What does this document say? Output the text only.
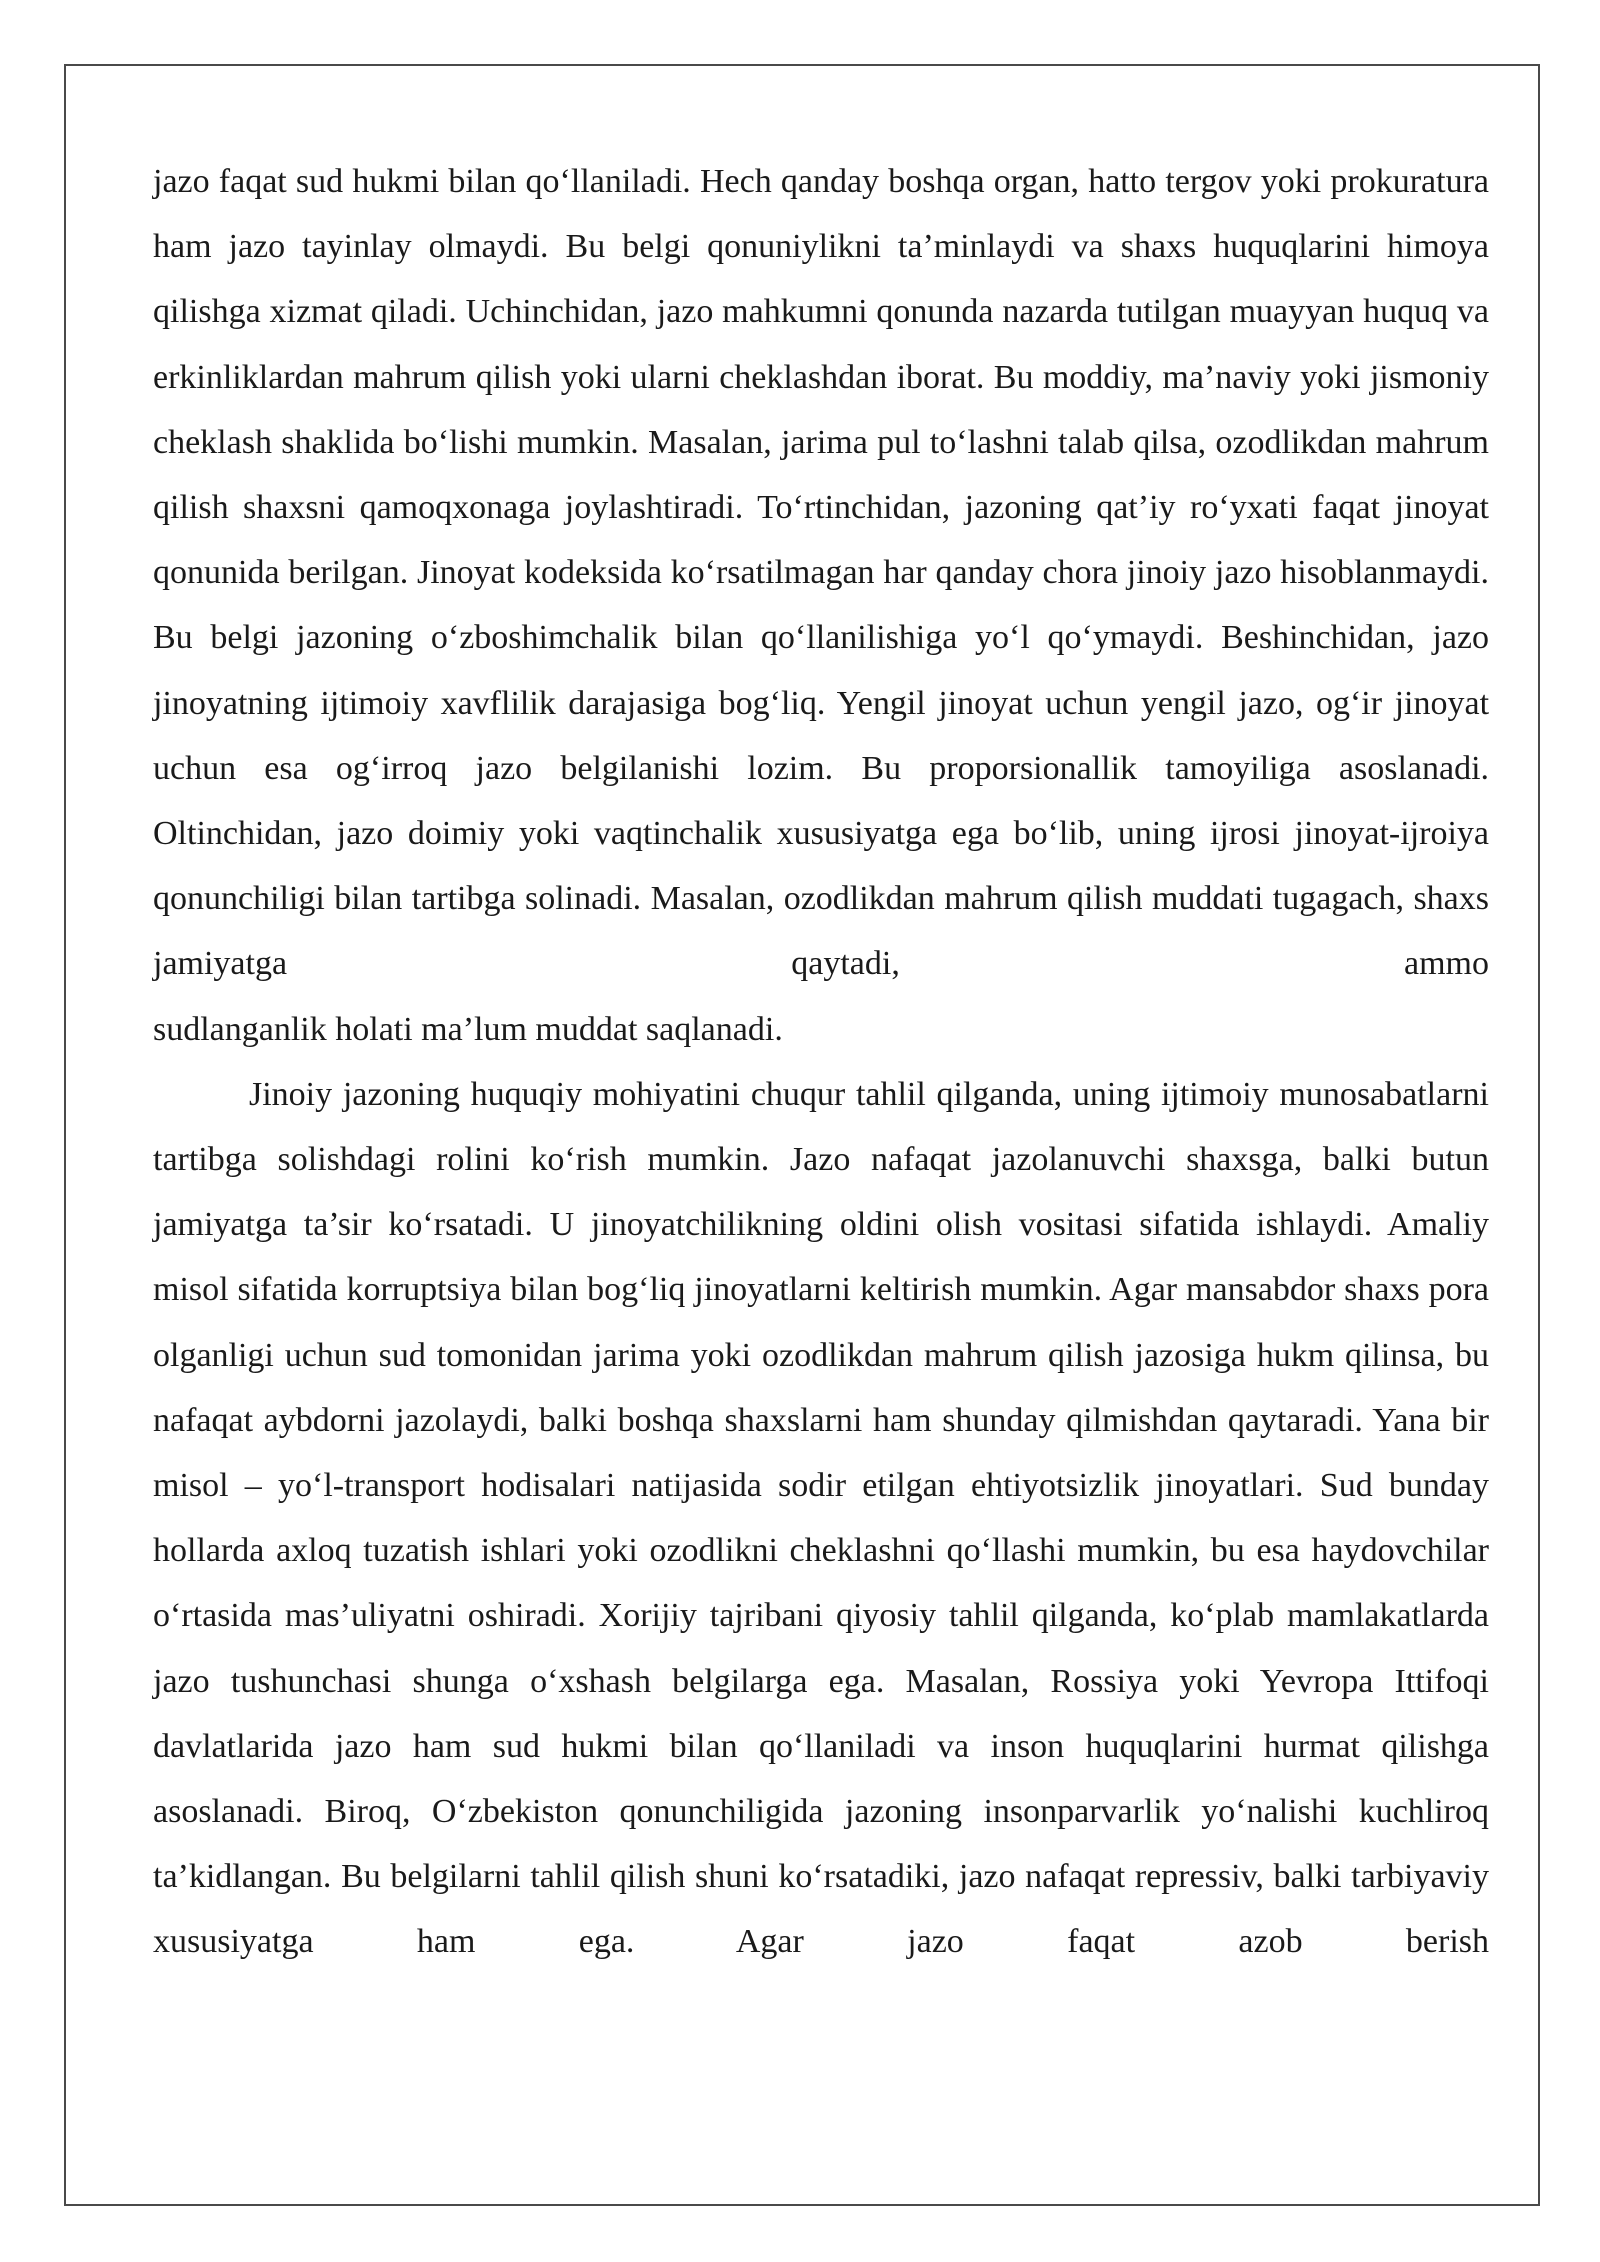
jazo faqat sud hukmi bilan qo‘llaniladi. Hech qanday boshqa organ, hatto tergov yoki prokuratura ham jazo tayinlay olmaydi. Bu belgi qonuniylikni ta’minlaydi va shaxs huquqlarini himoya qilishga xizmat qiladi. Uchinchidan, jazo mahkumni qonunda nazarda tutilgan muayyan huquq va erkinliklardan mahrum qilish yoki ularni cheklashdan iborat. Bu moddiy, ma’naviy yoki jismoniy cheklash shaklida bo‘lishi mumkin. Masalan, jarima pul to‘lashni talab qilsa, ozodlikdan mahrum qilish shaxsni qamoqxonaga joylashtiradi. To‘rtinchidan, jazoning qat’iy ro‘yxati faqat jinoyat qonunida berilgan. Jinoyat kodeksida ko‘rsatilmagan har qanday chora jinoiy jazo hisoblanmaydi. Bu belgi jazoning o‘zboshimchalik bilan qo‘llanilishiga yo‘l qo‘ymaydi. Beshinchidan, jazo jinoyatning ijtimoiy xavflilik darajasiga bog‘liq. Yengil jinoyat uchun yengil jazo, og‘ir jinoyat uchun esa og‘irroq jazo belgilanishi lozim. Bu proporsionallik tamoyiliga asoslanadi. Oltinchidan, jazo doimiy yoki vaqtinchalik xususiyatga ega bo‘lib, uning ijrosi jinoyat-ijroiya qonunchiligi bilan tartibga solinadi. Masalan, ozodlikdan mahrum qilish muddati tugagach, shaxs jamiyatga qaytadi, ammo
sudlanganlik holati ma’lum muddat saqlanadi.
Jinoiy jazoning huquqiy mohiyatini chuqur tahlil qilganda, uning ijtimoiy munosabatlarni tartibga solishdagi rolini ko‘rish mumkin. Jazo nafaqat jazolanuvchi shaxsga, balki butun jamiyatga ta’sir ko‘rsatadi. U jinoyatchilikning oldini olish vositasi sifatida ishlaydi. Amaliy misol sifatida korruptsiya bilan bog‘liq jinoyatlarni keltirish mumkin. Agar mansabdor shaxs pora olganligi uchun sud tomonidan jarima yoki ozodlikdan mahrum qilish jazosiga hukm qilinsa, bu nafaqat aybdorni jazolaydi, balki boshqa shaxslarni ham shunday qilmishdan qaytaradi. Yana bir misol – yo‘l-transport hodisalari natijasida sodir etilgan ehtiyotsizlik jinoyatlari. Sud bunday hollarda axloq tuzatish ishlari yoki ozodlikni cheklashni qo‘llashi mumkin, bu esa haydovchilar o‘rtasida mas’uliyatni oshiradi. Xorijiy tajribani qiyosiy tahlil qilganda, ko‘plab mamlakatlarda jazo tushunchasi shunga o‘xshash belgilarga ega. Masalan, Rossiya yoki Yevropa Ittifoqi davlatlarida jazo ham sud hukmi bilan qo‘llaniladi va inson huquqlarini hurmat qilishga asoslanadi. Biroq, O‘zbekiston qonunchiligida jazoning insonparvarlik yo‘nalishi kuchliroq ta’kidlangan. Bu belgilarni tahlil qilish shuni ko‘rsatadiki, jazo nafaqat repressiv, balki tarbiyaviy xususiyatga ham ega. Agar jazo faqat azob berish
